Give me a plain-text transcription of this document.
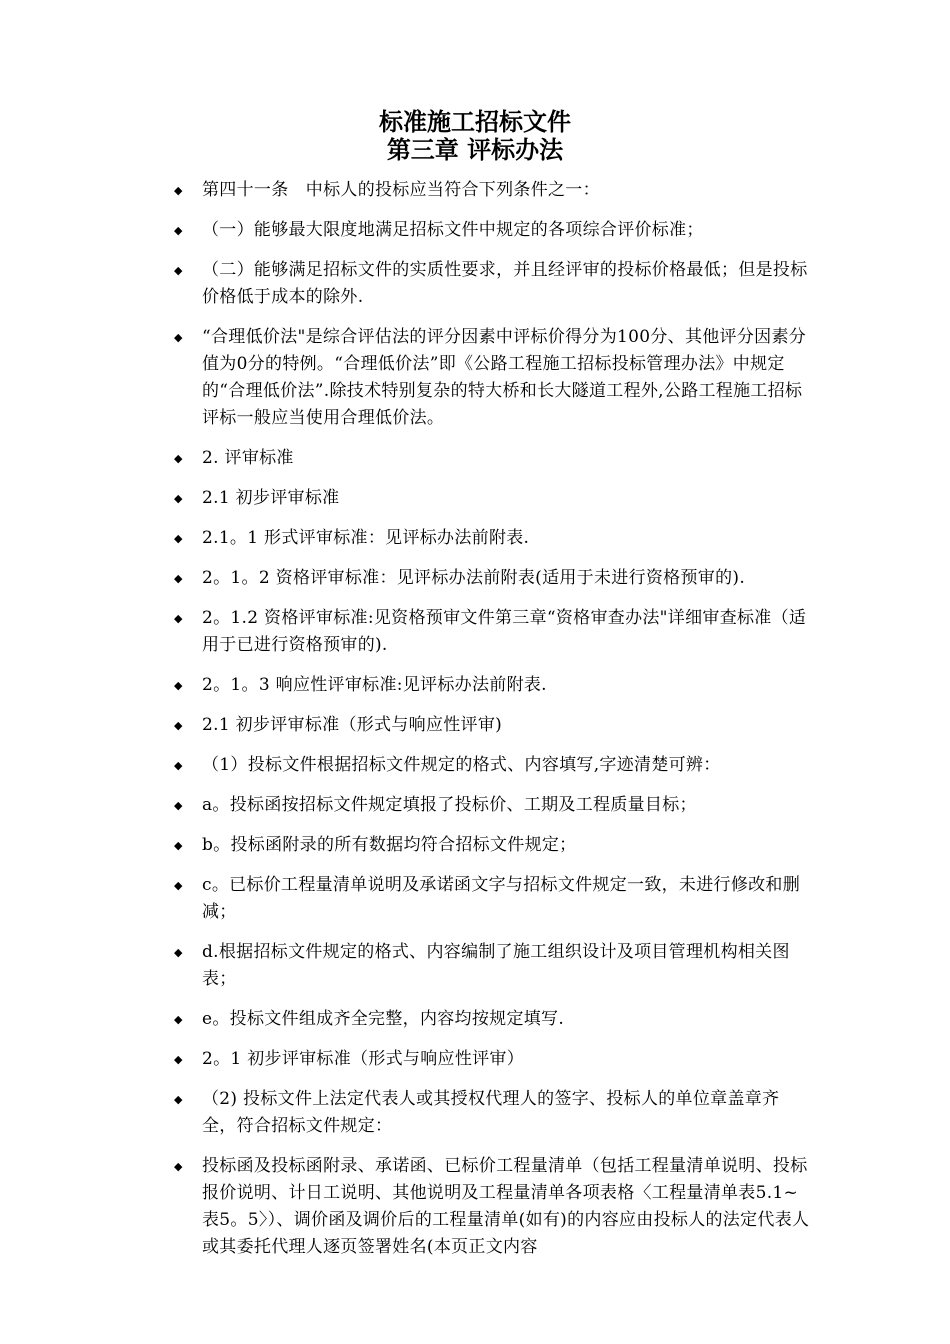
标准施工招标文件
第三章 评标办法
◆ 第四十一条　中标人的投标应当符合下列条件之一：
◆ （一）能够最大限度地满足招标文件中规定的各项综合评价标准；
◆ （二）能够满足招标文件的实质性要求，并且经评审的投标价格最低；但是投标价格低于成本的除外.
◆ “合理低价法"是综合评估法的评分因素中评标价得分为100分、其他评分因素分值为0分的特例。“合理低价法”即《公路工程施工招标投标管理办法》中规定的“合理低价法”.除技术特别复杂的特大桥和长大隧道工程外,公路工程施工招标评标一般应当使用合理低价法。
◆ 2. 评审标准
◆ 2.1 初步评审标准
◆ 2.1。1 形式评审标准：见评标办法前附表.
◆ 2。1。2 资格评审标准：见评标办法前附表(适用于未进行资格预审的).
◆ 2。1.2 资格评审标准:见资格预审文件第三章“资格审查办法"详细审查标准（适用于已进行资格预审的).
◆ 2。1。3 响应性评审标准:见评标办法前附表.
◆ 2.1 初步评审标准（形式与响应性评审)
◆ （1）投标文件根据招标文件规定的格式、内容填写,字迹清楚可辨：
◆ a。投标函按招标文件规定填报了投标价、工期及工程质量目标；
◆ b。投标函附录的所有数据均符合招标文件规定；
◆ c。已标价工程量清单说明及承诺函文字与招标文件规定一致，未进行修改和删减；
◆ d.根据招标文件规定的格式、内容编制了施工组织设计及项目管理机构相关图表；
◆ e。投标文件组成齐全完整，内容均按规定填写.
◆ 2。1 初步评审标准（形式与响应性评审）
◆ （2) 投标文件上法定代表人或其授权代理人的签字、投标人的单位章盖章齐全，符合招标文件规定：
◆ 投标函及投标函附录、承诺函、已标价工程量清单（包括工程量清单说明、投标报价说明、计日工说明、其他说明及工程量清单各项表格〈工程量清单表5.1~表5。5〉）、调价函及调价后的工程量清单(如有)的内容应由投标人的法定代表人或其委托代理人逐页签署姓名(本页正文内容
